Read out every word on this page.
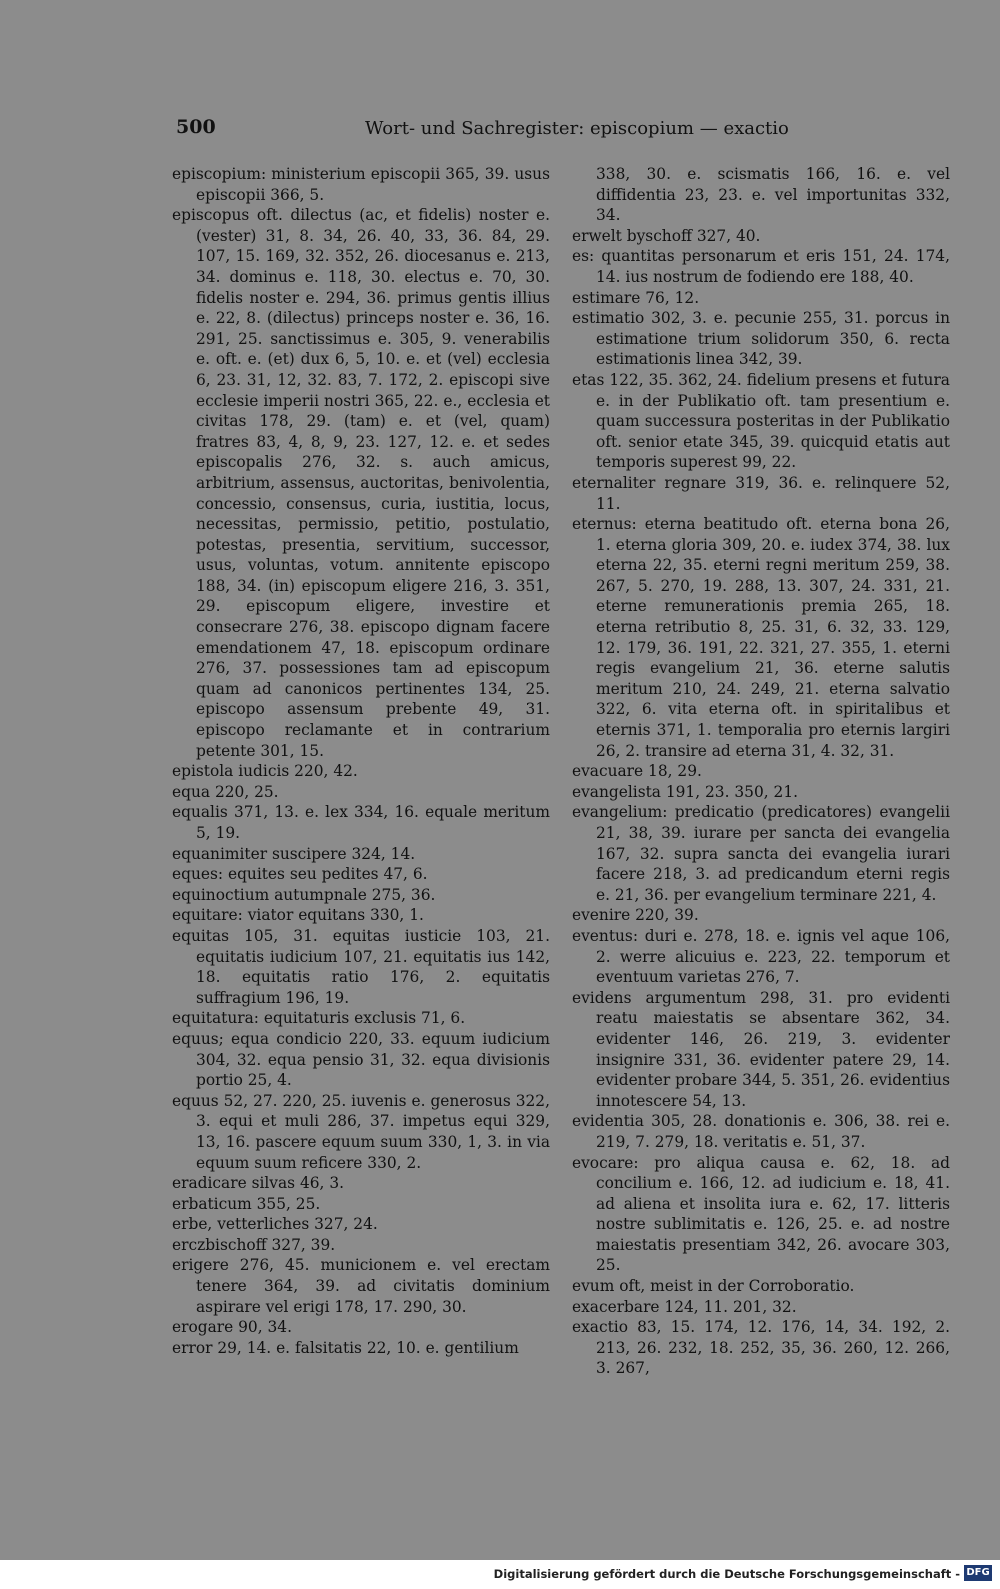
500	Wort- und Sachregister: episcopium — exactio
episcopium: ministerium episcopii 365, 39. usus episcopii 366, 5.
episcopus oft. dilectus (ac, et fidelis) noster e. (vester) 31, 8. 34, 26. 40, 33, 36. 84, 29. 107, 15. 169, 32. 352, 26. diocesanus e. 213, 34. dominus e. 118, 30. electus e. 70, 30. fidelis noster e. 294, 36. primus gentis illius e. 22, 8. (dilectus) princeps noster e. 36, 16. 291, 25. sanctissimus e. 305, 9. venerabilis e. oft. e. (et) dux 6, 5, 10. e. et (vel) ecclesia 6, 23. 31, 12, 32. 83, 7. 172, 2. episcopi sive ecclesie imperii nostri 365, 22. e., ecclesia et civitas 178, 29. (tam) e. et (vel, quam) fratres 83, 4, 8, 9, 23. 127, 12. e. et sedes episcopalis 276, 32. s. auch amicus, arbitrium, assensus, auctoritas, benivolentia, concessio, consensus, curia, iustitia, locus, necessitas, permissio, petitio, postulatio, potestas, presentia, servitium, successor, usus, voluntas, votum. annitente episcopo 188, 34. (in) episcopum eligere 216, 3. 351, 29. episcopum eligere, investire et consecrare 276, 38. episcopo dignam facere emendationem 47, 18. episcopum ordinare 276, 37. possessiones tam ad episcopum quam ad canonicos pertinentes 134, 25. episcopo assensum prebente 49, 31. episcopo reclamante et in contrarium petente 301, 15.
epistola iudicis 220, 42.
equa 220, 25.
equalis 371, 13. e. lex 334, 16. equale meritum 5, 19.
equanimiter suscipere 324, 14.
eques: equites seu pedites 47, 6.
equinoctium autumpnale 275, 36.
equitare: viator equitans 330, 1.
equitas 105, 31. equitas iusticie 103, 21. equitatis iudicium 107, 21. equitatis ius 142, 18. equitatis ratio 176, 2. equitatis suffragium 196, 19.
equitatura: equitaturis exclusis 71, 6.
equus; equa condicio 220, 33. equum iudicium 304, 32. equa pensio 31, 32. equa divisionis portio 25, 4.
equus 52, 27. 220, 25. iuvenis e. generosus 322, 3. equi et muli 286, 37. impetus equi 329, 13, 16. pascere equum suum 330, 1, 3. in via equum suum reficere 330, 2.
eradicare silvas 46, 3.
erbaticum 355, 25.
erbe, vetterliches 327, 24.
erczbischoff 327, 39.
erigere 276, 45. municionem e. vel erectam tenere 364, 39. ad civitatis dominium aspirare vel erigi 178, 17. 290, 30.
erogare 90, 34.
error 29, 14. e. falsitatis 22, 10. e. gentilium
338, 30. e. scismatis 166, 16. e. vel diffidentia 23, 23. e. vel importunitas 332, 34.
erwelt byschoff 327, 40.
es: quantitas personarum et eris 151, 24. 174, 14. ius nostrum de fodiendo ere 188, 40.
estimare 76, 12.
estimatio 302, 3. e. pecunie 255, 31. porcus in estimatione trium solidorum 350, 6. recta estimationis linea 342, 39.
etas 122, 35. 362, 24. fidelium presens et futura e. in der Publikatio oft. tam presentium e. quam successura posteritas in der Publikatio oft. senior etate 345, 39. quicquid etatis aut temporis superest 99, 22.
eternaliter regnare 319, 36. e. relinquere 52, 11.
eternus: eterna beatitudo oft. eterna bona 26, 1. eterna gloria 309, 20. e. iudex 374, 38. lux eterna 22, 35. eterni regni meritum 259, 38. 267, 5. 270, 19. 288, 13. 307, 24. 331, 21. eterne remunerationis premia 265, 18. eterna retributio 8, 25. 31, 6. 32, 33. 129, 12. 179, 36. 191, 22. 321, 27. 355, 1. eterni regis evangelium 21, 36. eterne salutis meritum 210, 24. 249, 21. eterna salvatio 322, 6. vita eterna oft. in spiritalibus et eternis 371, 1. temporalia pro eternis largiri 26, 2. transire ad eterna 31, 4. 32, 31.
evacuare 18, 29.
evangelista 191, 23. 350, 21.
evangelium: predicatio (predicatores) evangelii 21, 38, 39. iurare per sancta dei evangelia 167, 32. supra sancta dei evangelia iurari facere 218, 3. ad predicandum eterni regis e. 21, 36. per evangelium terminare 221, 4.
evenire 220, 39.
eventus: duri e. 278, 18. e. ignis vel aque 106, 2. werre alicuius e. 223, 22. temporum et eventuum varietas 276, 7.
evidens argumentum 298, 31. pro evidenti reatu maiestatis se absentare 362, 34. evidenter 146, 26. 219, 3. evidenter insignire 331, 36. evidenter patere 29, 14. evidenter probare 344, 5. 351, 26. evidentius innotescere 54, 13.
evidentia 305, 28. donationis e. 306, 38. rei e. 219, 7. 279, 18. veritatis e. 51, 37.
evocare: pro aliqua causa e. 62, 18. ad concilium e. 166, 12. ad iudicium e. 18, 41. ad aliena et insolita iura e. 62, 17. litteris nostre sublimitatis e. 126, 25. e. ad nostre maiestatis presentiam 342, 26. avocare 303, 25.
evum oft, meist in der Corroboratio.
exacerbare 124, 11. 201, 32.
exactio 83, 15. 174, 12. 176, 14, 34. 192, 2. 213, 26. 232, 18. 252, 35, 36. 260, 12. 266, 3. 267,
Digitalisierung gefördert durch die Deutsche Forschungsgemeinschaft - DFG
